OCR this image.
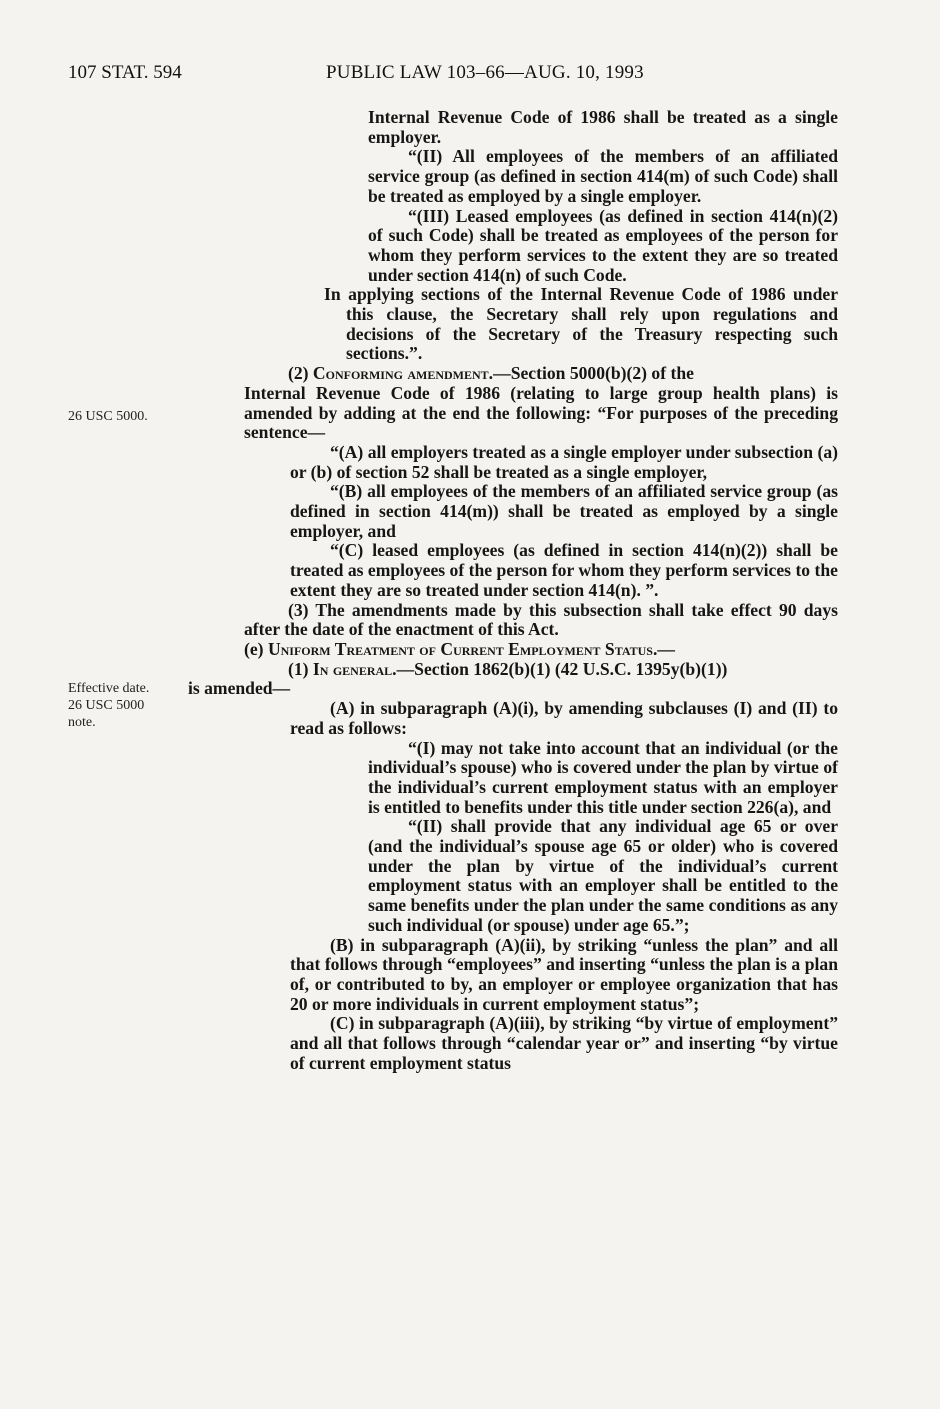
107 STAT. 594	PUBLIC LAW 103–66—AUG. 10, 1993
26 USC 5000.
Effective date.
26 USC 5000
note.

Internal Revenue Code of 1986 shall be treated as a single employer.

“(II) All employees of the members of an affiliated service group (as defined in section 414(m) of such Code) shall be treated as employed by a single employer.

“(III) Leased employees (as defined in section 414(n)(2) of such Code) shall be treated as employees of the person for whom they perform services to the extent they are so treated under section 414(n) of such Code.

In applying sections of the Internal Revenue Code of 1986 under this clause, the Secretary shall rely upon regulations and decisions of the Secretary of the Treasury respecting such sections.”.

(2) Conforming amendment.—Section 5000(b)(2) of the

Internal Revenue Code of 1986 (relating to large group health plans) is amended by adding at the end the following: “For purposes of the preceding sentence—

“(A) all employers treated as a single employer under subsection (a) or (b) of section 52 shall be treated as a single employer,

“(B) all employees of the members of an affiliated service group (as defined in section 414(m)) shall be treated as employed by a single employer, and

“(C) leased employees (as defined in section 414(n)(2)) shall be treated as employees of the person for whom they perform services to the extent they are so treated under section 414(n). ”.

(3) The amendments made by this subsection shall take effect 90 days after the date of the enactment of this Act.

(e) Uniform Treatment of Current Employment Status.—

(1) In general.—Section 1862(b)(1) (42 U.S.C. 1395y(b)(1))

is amended—

(A) in subparagraph (A)(i), by amending subclauses (I) and (II) to read as follows:

“(I) may not take into account that an individual (or the individual’s spouse) who is covered under the plan by virtue of the individual’s current employment status with an employer is entitled to benefits under this title under section 226(a), and

“(II) shall provide that any individual age 65 or over (and the individual’s spouse age 65 or older) who is covered under the plan by virtue of the individual’s current employment status with an employer shall be entitled to the same benefits under the plan under the same conditions as any such individual (or spouse) under age 65.”;

(B) in subparagraph (A)(ii), by striking “unless the plan” and all that follows through “employees” and inserting “unless the plan is a plan of, or contributed to by, an employer or employee organization that has 20 or more individuals in current employment status”;

(C) in subparagraph (A)(iii), by striking “by virtue of employment” and all that follows through “calendar year or” and inserting “by virtue of current employment status
